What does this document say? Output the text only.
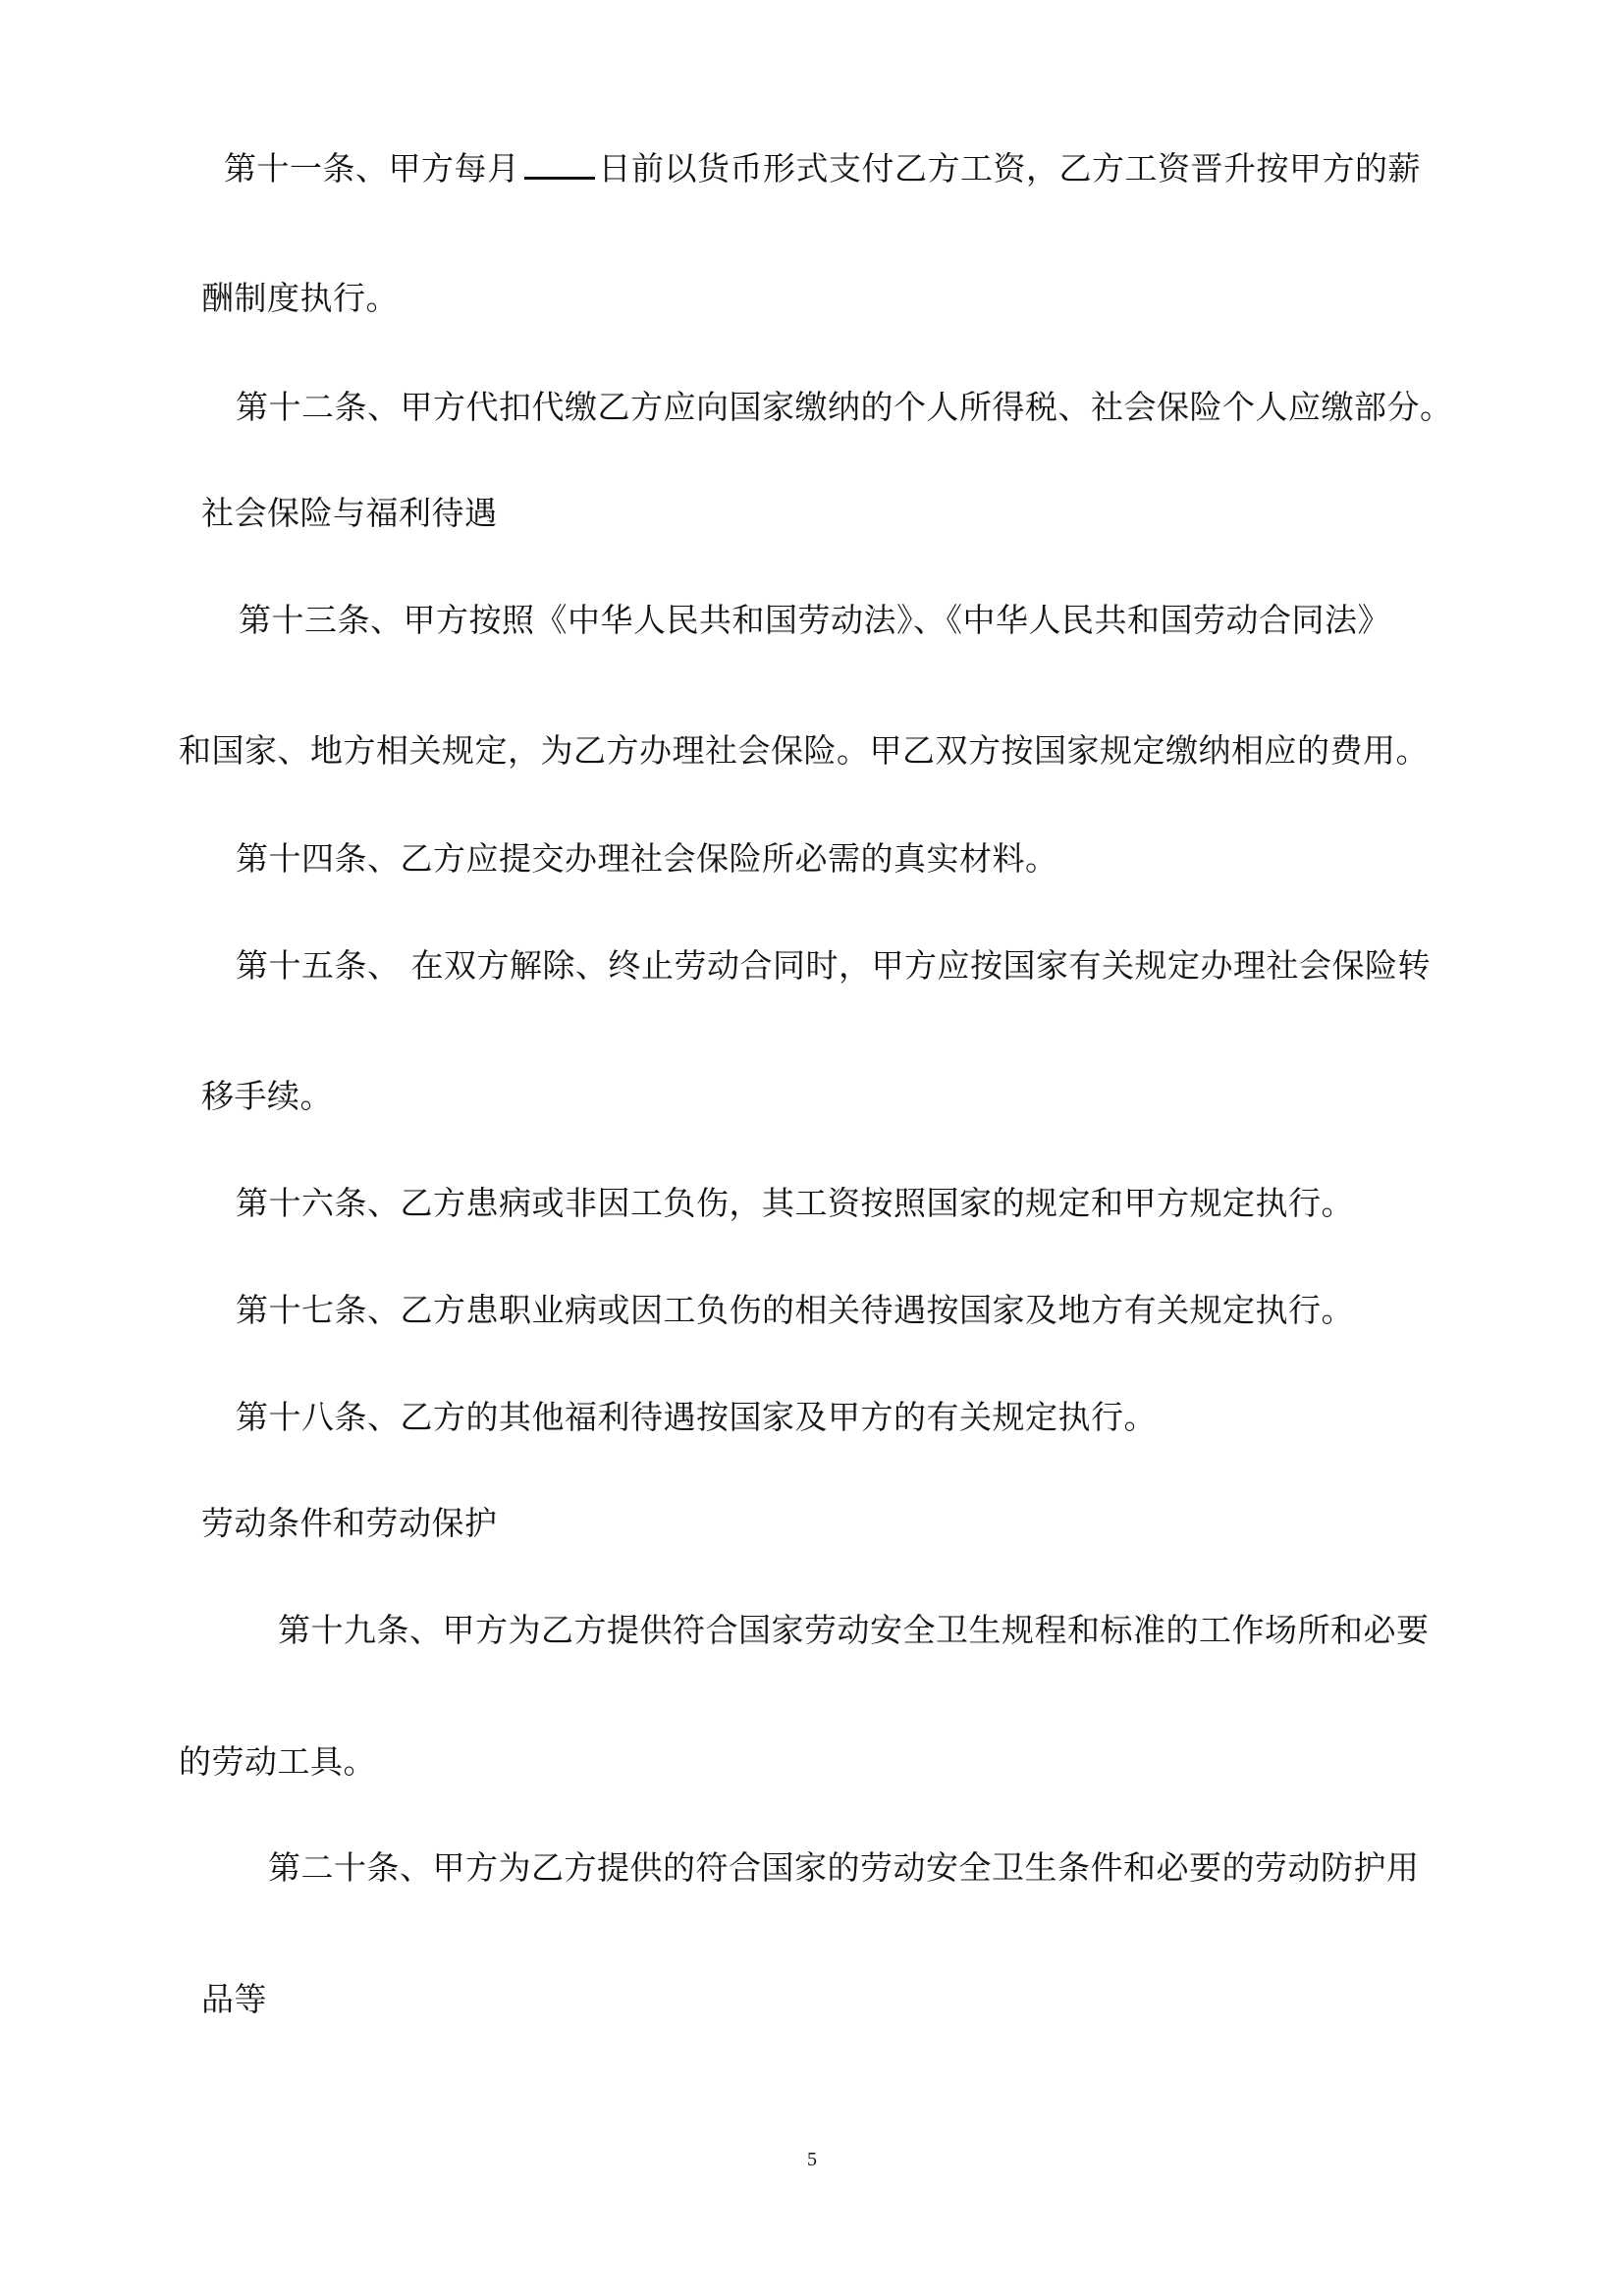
第十一条、甲方每月 日前以货币形式支付乙方工资，乙方工资晋升按甲方的薪
酬制度执行。
第十二条、甲方代扣代缴乙方应向国家缴纳的个人所得税、社会保险个人应缴部分。
社会保险与福利待遇
第十三条、甲方按照《中华人民共和国劳动法》、《中华人民共和国劳动合同法》
和国家、地方相关规定，为乙方办理社会保险。甲乙双方按国家规定缴纳相应的费用。
第十四条、乙方应提交办理社会保险所必需的真实材料。
第十五条、 在双方解除、终止劳动合同时，甲方应按国家有关规定办理社会保险转
移手续。
第十六条、乙方患病或非因工负伤，其工资按照国家的规定和甲方规定执行。
第十七条、乙方患职业病或因工负伤的相关待遇按国家及地方有关规定执行。
第十八条、乙方的其他福利待遇按国家及甲方的有关规定执行。
劳动条件和劳动保护
第十九条、甲方为乙方提供符合国家劳动安全卫生规程和标准的工作场所和必要
的劳动工具。
第二十条、甲方为乙方提供的符合国家的劳动安全卫生条件和必要的劳动防护用
品等
5
